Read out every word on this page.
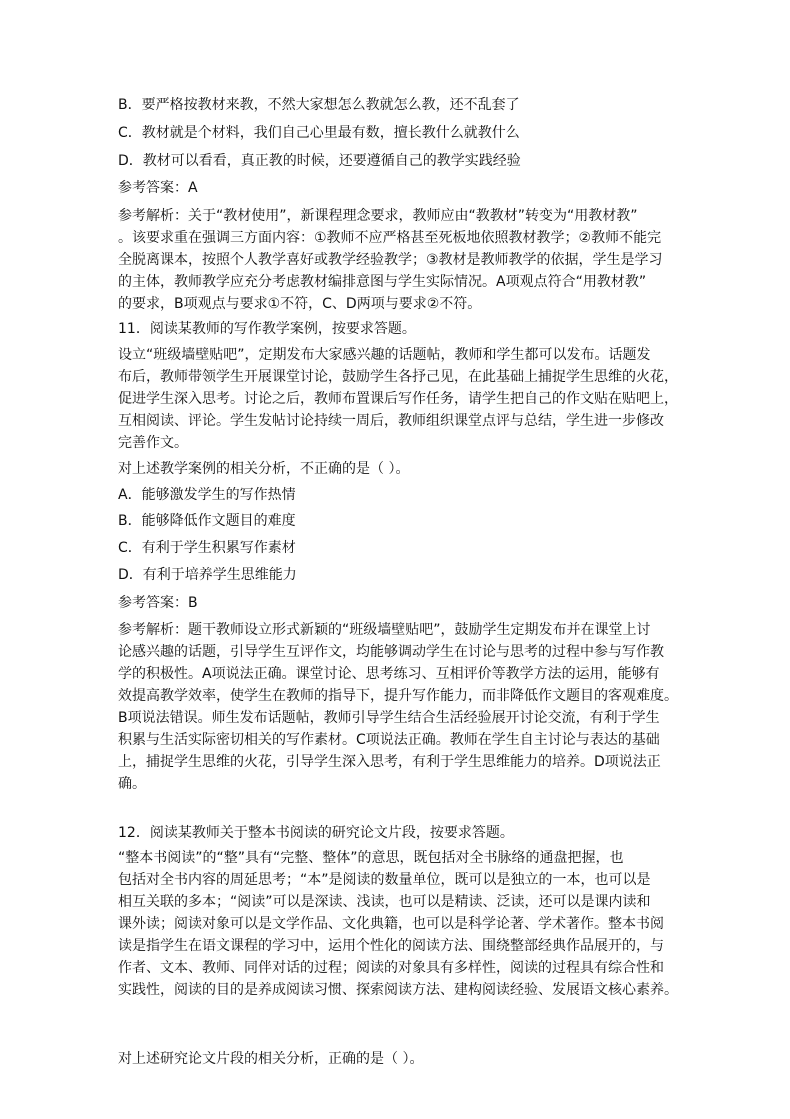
B．要严格按教材来教，不然大家想怎么教就怎么教，还不乱套了
C．教材就是个材料，我们自己心里最有数，擅长教什么就教什么
D．教材可以看看，真正教的时候，还要遵循自己的教学实践经验
参考答案：A
参考解析：关于“教材使用”，新课程理念要求，教师应由“教教材”转变为“用教材教”
。该要求重在强调三方面内容：①教师不应严格甚至死板地依照教材教学；②教师不能完
全脱离课本，按照个人教学喜好或教学经验教学；③教材是教师教学的依据，学生是学习
的主体，教师教学应充分考虑教材编排意图与学生实际情况。A项观点符合“用教材教”
的要求，B项观点与要求①不符，C、D两项与要求②不符。
11．阅读某教师的写作教学案例，按要求答题。
设立“班级墙壁贴吧”，定期发布大家感兴趣的话题帖，教师和学生都可以发布。话题发
布后，教师带领学生开展课堂讨论，鼓励学生各抒己见，在此基础上捕捉学生思维的火花，
促进学生深入思考。讨论之后，教师布置课后写作任务，请学生把自己的作文贴在贴吧上，
互相阅读、评论。学生发帖讨论持续一周后，教师组织课堂点评与总结，学生进一步修改
完善作文。
对上述教学案例的相关分析，不正确的是（ ）。
A．能够激发学生的写作热情
B．能够降低作文题目的难度
C．有利于学生积累写作素材
D．有利于培养学生思维能力
参考答案：B
参考解析：题干教师设立形式新颖的“班级墙壁贴吧”，鼓励学生定期发布并在课堂上讨
论感兴趣的话题，引导学生互评作文，均能够调动学生在讨论与思考的过程中参与写作教
学的积极性。A项说法正确。课堂讨论、思考练习、互相评价等教学方法的运用，能够有
效提高教学效率，使学生在教师的指导下，提升写作能力，而非降低作文题目的客观难度。
B项说法错误。师生发布话题帖，教师引导学生结合生活经验展开讨论交流，有利于学生
积累与生活实际密切相关的写作素材。C项说法正确。教师在学生自主讨论与表达的基础
上，捕捉学生思维的火花，引导学生深入思考，有利于学生思维能力的培养。D项说法正
确。
12．阅读某教师关于整本书阅读的研究论文片段，按要求答题。
“整本书阅读”的“整”具有“完整、整体”的意思，既包括对全书脉络的通盘把握，也
包括对全书内容的周延思考；“本”是阅读的数量单位，既可以是独立的一本，也可以是
相互关联的多本；“阅读”可以是深读、浅读，也可以是精读、泛读，还可以是课内读和
课外读；阅读对象可以是文学作品、文化典籍，也可以是科学论著、学术著作。整本书阅
读是指学生在语文课程的学习中，运用个性化的阅读方法、围绕整部经典作品展开的，与
作者、文本、教师、同伴对话的过程；阅读的对象具有多样性，阅读的过程具有综合性和
实践性，阅读的目的是养成阅读习惯、探索阅读方法、建构阅读经验、发展语文核心素养。
对上述研究论文片段的相关分析，正确的是（ ）。
